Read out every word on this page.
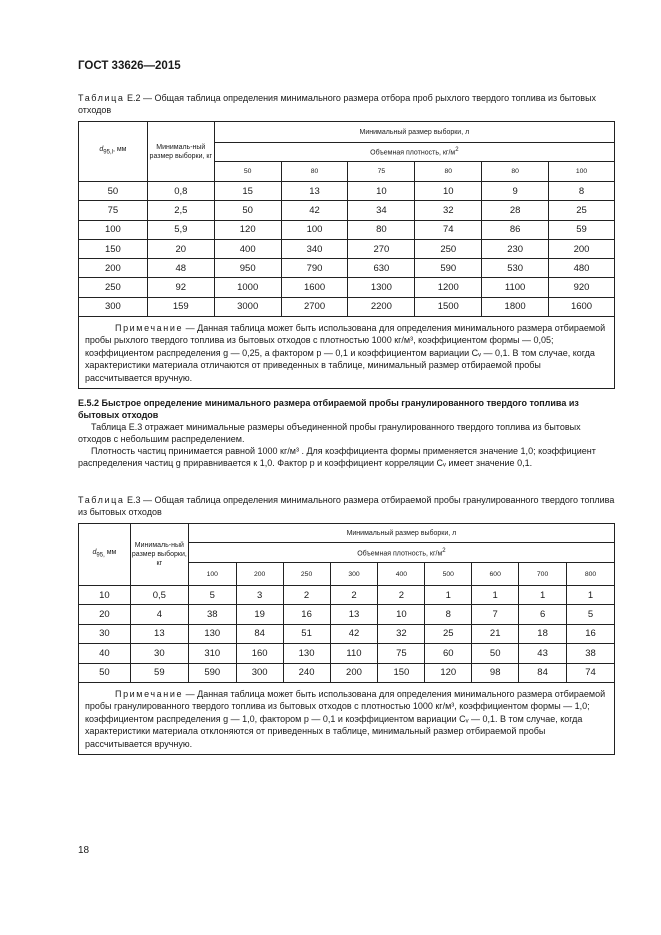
ГОСТ 33626—2015
Таблица Е.2 — Общая таблица определения минимального размера отбора проб рыхлого твердого топлива из бытовых отходов
$d_{95,l}$, мм	Минималь-ный размер выборки, кг	Минимальный размер выборки, л					
		Объемная плотность, $кг/м^2$
		50	80	75	80	80	100
50	0,8	15	13	10	10	9	8
75	2,5	50	42	34	32	28	25
100	5,9	120	100	80	74	86	59
150	20	400	340	270	250	230	200
200	48	950	790	630	590	530	480
250	92	1000	1600	1300	1200	1100	920
300	159	3000	2700	2200	1500	1800	1600
Примечание — Данная таблица может быть использована для определения минимального размера отбираемой пробы рыхлого твердого топлива из бытовых отходов с плотностью 1000 кг/м³, коэффициентом формы — 0,05; коэффициентом распределения g — 0,25, а фактором p — 0,1 и коэффициентом вариации Cᵥ — 0,1. В том случае, когда характеристики материала отличаются от приведенных в таблице, минимальный размер отбираемой пробы рассчитывается вручную.							
Е.5.2 Быстрое определение минимального размера отбираемой пробы гранулированного твердого топлива из бытовых отходов
Таблица Е.3 отражает минимальные размеры объединенной пробы гранулированного твердого топлива из бытовых отходов с небольшим распределением.
Плотность частиц принимается равной 1000 кг/м³ . Для коэффициента формы применяется значение 1,0; коэффициент распределения частиц g приравнивается к 1,0. Фактор p и коэффициент корреляции Cᵥ имеет значение 0,1.
Таблица Е.3 — Общая таблица определения минимального размера отбираемой пробы гранулированного твердого топлива из бытовых отходов
$d_{95,}$ мм	Минималь-ный размер выборки, кг	Минимальный размер выборки, л								
		Объемная плотность, $кг/м^2$
		100	200	250	300	400	500	600	700	800
10	0,5	5	3	2	2	2	1	1	1	1
20	4	38	19	16	13	10	8	7	6	5
30	13	130	84	51	42	32	25	21	18	16
40	30	310	160	130	110	75	60	50	43	38
50	59	590	300	240	200	150	120	98	84	74
Примечание — Данная таблица может быть использована для определения минимального размера отбираемой пробы гранулированного твердого топлива из бытовых отходов с плотностью 1000 кг/м³, коэффициентом формы — 1,0; коэффициентом распределения g — 1,0, фактором p — 0,1 и коэффициентом вариации Cᵥ — 0,1. В том случае, когда характеристики материала отклоняются от приведенных в таблице, минимальный размер отбираемой пробы рассчитывается вручную.										
18
